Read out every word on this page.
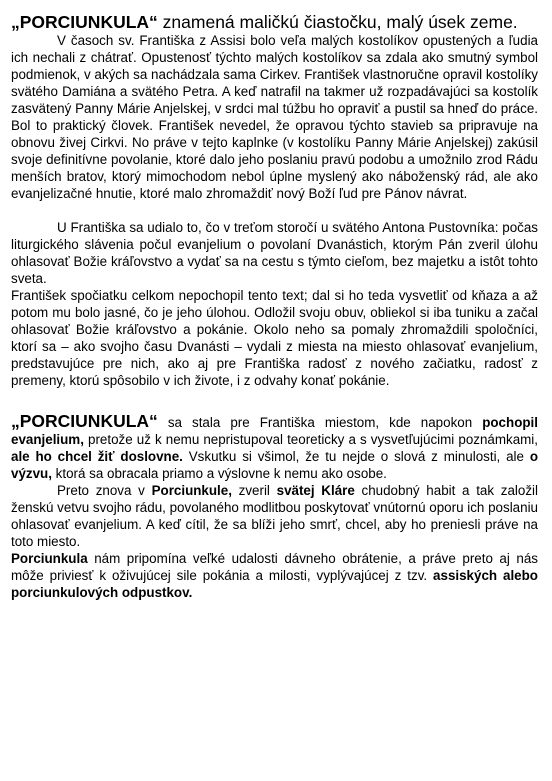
„PORCIUNKULA“ znamená maličkú čiastočku, malý úsek zeme.

V časoch sv. Františka z Assisi bolo veľa malých kostolíkov opustených a ľudia ich nechali z chátrať. Opustenosť týchto malých kostolíkov sa zdala ako smutný symbol podmienok, v akých sa nachádzala sama Cirkev. František vlastnoručne opravil kostolíky svätého Damiána a svätého Petra. A keď natrafil na takmer už rozpadávajúci sa kostolík zasvätený Panny Márie Anjelskej, v srdci mal túžbu ho opraviť a pustil sa hneď do práce. Bol to praktický človek. František nevedel, že opravou týchto stavieb sa pripravuje na obnovu živej Cirkvi. No práve v tejto kaplnke (v kostolíku Panny Márie Anjelskej) zakúsil svoje definitívne povolanie, ktoré dalo jeho poslaniu pravú podobu a umožnilo zrod Rádu menších bratov, ktorý mimochodom nebol úplne myslený ako náboženský rád, ale ako evanjelizačné hnutie, ktoré malo zhromaždiť nový Boží ľud pre Pánov návrat.

U Františka sa udialo to, čo v treťom storočí u svätého Antona Pustovníka: počas liturgického slávenia počul evanjelium o povolaní Dvanástich, ktorým Pán zveril úlohu ohlasovať Božie kráľovstvo a vydať sa na cestu s týmto cieľom, bez majetku a istôt tohto sveta.

František spočiatku celkom nepochopil tento text; dal si ho teda vysvetliť od kňaza a až potom mu bolo jasné, čo je jeho úlohou. Odložil svoju obuv, obliekol si iba tuniku a začal ohlasovať Božie kráľovstvo a pokánie. Okolo neho sa pomaly zhromaždili spoločníci, ktorí sa – ako svojho času Dvanásti – vydali z miesta na miesto ohlasovať evanjelium, predstavujúce pre nich, ako aj pre Františka radosť z nového začiatku, radosť z premeny, ktorú spôsobilo v ich živote, i z odvahy konať pokánie.

„PORCIUNKULA“ sa stala pre Františka miestom, kde napokon pochopil evanjelium, pretože už k nemu nepristupoval teoreticky a s vysvetľujúcimi poznámkami, ale ho chcel žiť doslovne. Vskutku si všimol, že tu nejde o slová z minulosti, ale o výzvu, ktorá sa obracala priamo a výslovne k nemu ako osobe.

Preto znova v Porciunkule, zveril svätej Kláre chudobný habit a tak založil ženskú vetvu svojho rádu, povolaného modlitbou poskytovať vnútornú oporu ich poslaniu ohlasovať evanjelium. A keď cítil, že sa blíži jeho smrť, chcel, aby ho preniesli práve na toto miesto.

Porciunkula nám pripomína veľké udalosti dávneho obrátenie, a práve preto aj nás môže priviesť k oživujúcej sile pokánia a milosti, vyplývajúcej z tzv. assiských alebo porciunkulových odpustkov.
